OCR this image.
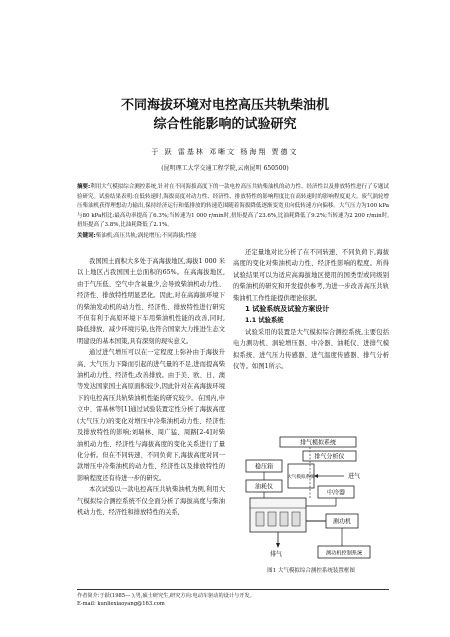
不同海拔环境对电控高压共轨柴油机
综合性能影响的试验研究
于 跃 雷基林 邓晰文 杨海翔 贾德文
(昆明理工大学交通工程学院,云南昆明 650500)
摘要:利用大气模拟综合测控系统,针对在不同海拔高度下的一款电控高压共轨柴油机的动力性、经济性以及排放特性进行了专题试验研究。试验结果表明:在低转速时,海拔高度对动力性、经济性、排放特性的影响程度比在高转速时的影响程度更大。废气涡轮增压柴油机获得理想动力输出,保持经济运行和低排放的转速范围随着海拔降低逐渐变宽且向低转速方向偏移。大气压力为100 kPa与80 kPa相比:最高功率提高了6.3%;当转速为1 000 r/min时,扭矩提高了23.6%,比油耗降低了9.2%;当转速为2 200 r/min时,扭矩提高了3.8%,比油耗降低了2.1%。
关键词:柴油机;高压共轨;涡轮增压;不同海拔;性能

我国国土面积大多处于高海拔地区,海拔1 000 米以上地区占我国国土总面积的65%。在高海拔地区,由于气压低、空气中含氧量少,会导致柴油机动力性、经济性、排放特性明显恶化。因此,对在高海拔环境下的柴油发动机的动力性、经济性、排放特性进行研究不但有利于高原环境下车用柴油机性能的改善,同时,降低排放、减少环境污染,也符合国家大力推进生态文明建设的基本国策,具有深刻的现实意义。

通过进气增压可以在一定程度上弥补由于海拔升高、大气压力下降而引起的进气量的不足,进而提高柴油机动力性、经济性,改善排放。由于美、欧、日、澳等发达国家国土高原面积较少,因此针对在高海拔环境下的电控高压共轨柴油机性能的研究较少。在国内,申立中、雷基林等[1]通过试验装置定性分析了海拔高度(大气压力)的变化对增压中冷柴油机动力性、经济性及排放特性的影响;刘瑞林、周广猛、周路[2-4]对柴油机动力性、经济性与海拔高度的变化关系进行了量化分析。但在不同转速、不同负荷下,海拔高度对同一款增压中冷柴油机的动力性、经济性以及排放特性的影响程度还有待进一步的研究。

本次试验以一款电控高压共轨柴油机为例,利用大气模拟综合测控系统不仅全面分析了海拔高度与柴油机动力性、经济性和排放特性的关系,

还定量地对比分析了在不同转速、不同负荷下,海拔高度的变化对柴油机动力性、经济性影响的程度。所得试验结果可以为适应高海拔地区使用的国类型或同级别的柴油机的研究和开发提供参考,为进一步改善高压共轨柴油机工作性能提供理论依据。

1 试验系统及试验方案设计

1.1 试验系统

试验采用的装置是大气模拟综合测控系统,主要包括电力测功机、涡轮增压器、中冷器、油耗仪、进排气模拟系统、进气压力传感器、进气温度传感器、排气分析仪等。如图1所示。

排气模拟系统
排气分析仪
稳压箱
大气模拟系统	进气
油耗仪
中冷器
测功机
排气	测功机控制系统
图1 大气模拟综合测控系统装置框图
作者简介:于跃(1985— ),男,硕士研究生,研究方向:电动车驱动的设计与开发。
E-mail: kunliexiaoyang@163.com
